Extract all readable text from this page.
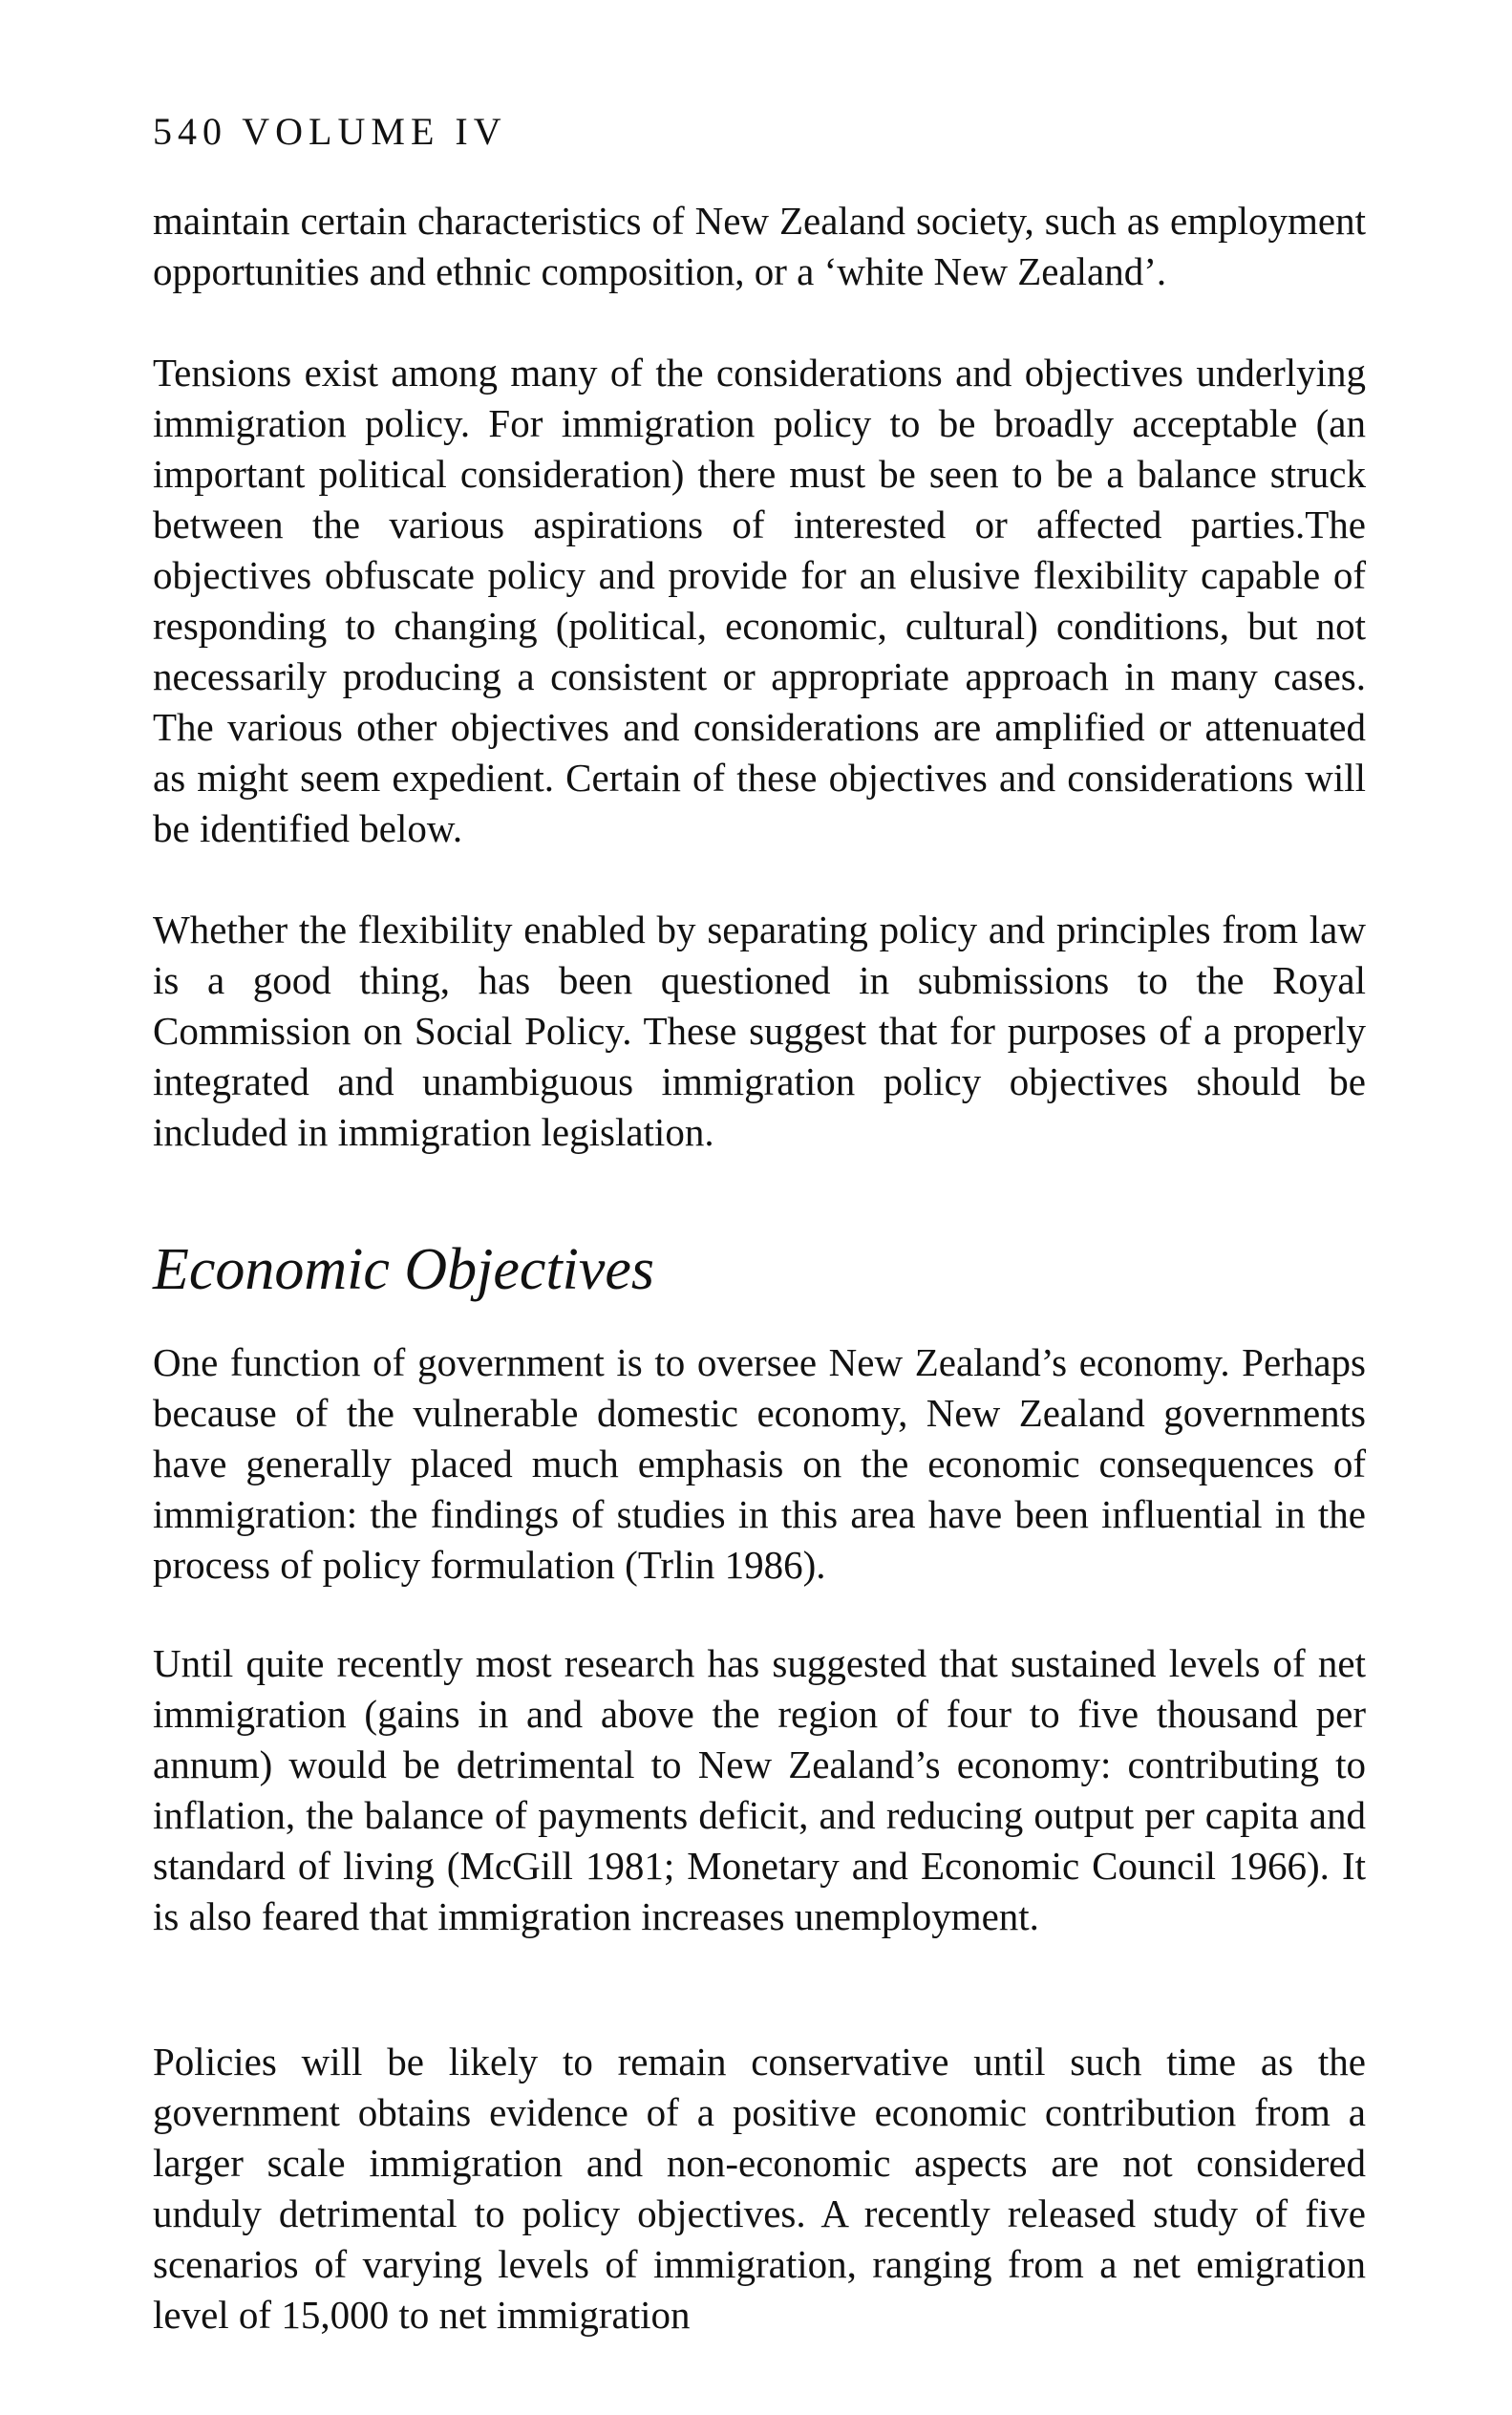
540 VOLUME IV

maintain certain characteristics of New Zealand society, such as employment opportunities and ethnic composition, or a ‘white New Zealand’.

Tensions exist among many of the considerations and objectives underlying immigration policy. For immigration policy to be broadly acceptable (an important political consideration) there must be seen to be a balance struck between the various aspirations of interested or affected parties.The objectives obfuscate policy and provide for an elusive flexibility capable of responding to changing (political, economic, cultural) conditions, but not necessarily producing a consistent or appropriate approach in many cases. The various other objectives and considerations are amplified or attenuated as might seem expedient. Certain of these objectives and considerations will be identified below.

Whether the flexibility enabled by separating policy and principles from law is a good thing, has been questioned in submissions to the Royal Commission on Social Policy. These suggest that for purposes of a properly integrated and unambiguous immigration policy objectives should be included in immigration legislation.

Economic Objectives

One function of government is to oversee New Zealand’s economy. Perhaps because of the vulnerable domestic economy, New Zealand governments have generally placed much emphasis on the economic consequences of immigration: the findings of studies in this area have been influential in the process of policy formulation (Trlin 1986).

Until quite recently most research has suggested that sustained levels of net immigration (gains in and above the region of four to five thousand per annum) would be detrimental to New Zealand’s economy: contributing to inflation, the balance of payments deficit, and reducing output per capita and standard of living (McGill 1981; Monetary and Economic Council 1966). It is also feared that immigration increases unemployment.

Policies will be likely to remain conservative until such time as the government obtains evidence of a positive economic contribution from a larger scale immigration and non-economic aspects are not considered unduly detrimental to policy objectives. A recently released study of five scenarios of varying levels of immigration, ranging from a net emigration level of 15,000 to net immigration
